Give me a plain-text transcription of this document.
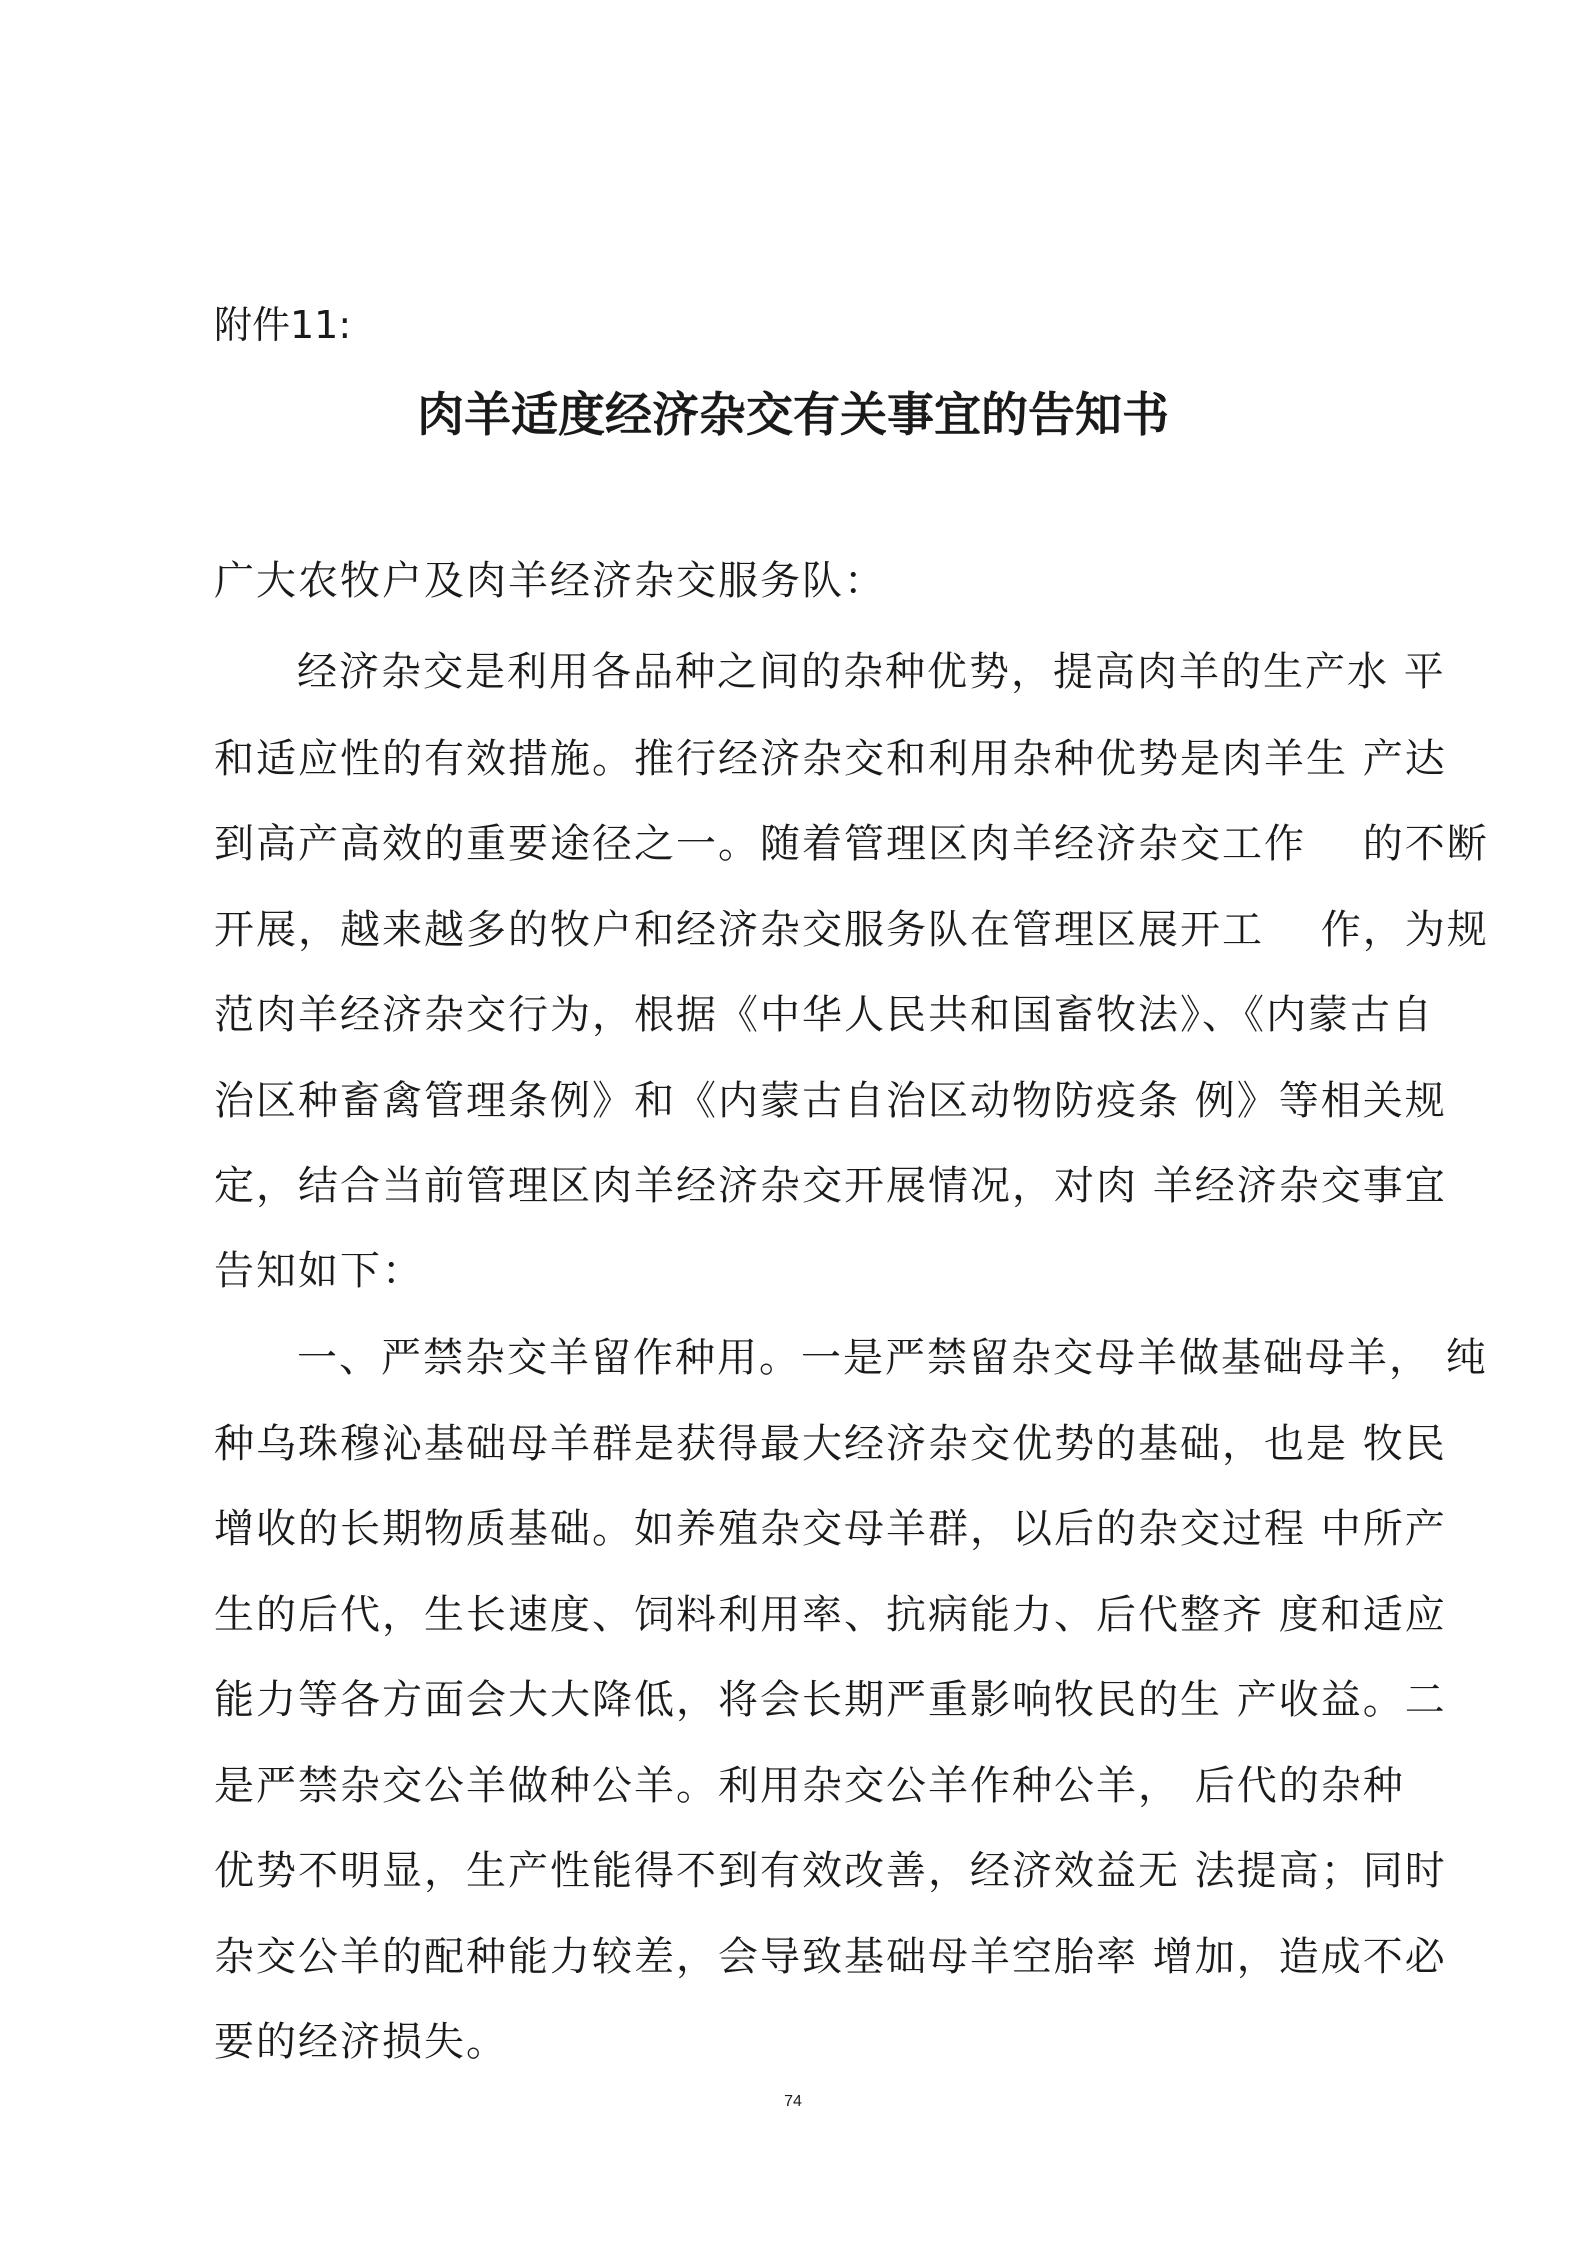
附件11:
肉羊适度经济杂交有关事宜的告知书
广大农牧户及肉羊经济杂交服务队：
经济杂交是利用各品种之间的杂种优势，提高肉羊的生产水 平
和适应性的有效措施。推行经济杂交和利用杂种优势是肉羊生 产达
到高产高效的重要途径之一。随着管理区肉羊经济杂交工作　 的不断
开展，越来越多的牧户和经济杂交服务队在管理区展开工　 作，为规
范肉羊经济杂交行为，根据《中华人民共和国畜牧法》、《内蒙古自
治区种畜禽管理条例》和《内蒙古自治区动物防疫条 例》等相关规
定，结合当前管理区肉羊经济杂交开展情况，对肉 羊经济杂交事宜
告知如下：
一、严禁杂交羊留作种用。一是严禁留杂交母羊做基础母羊， 纯
种乌珠穆沁基础母羊群是获得最大经济杂交优势的基础，也是 牧民
增收的长期物质基础。如养殖杂交母羊群，以后的杂交过程 中所产
生的后代，生长速度、饲料利用率、抗病能力、后代整齐 度和适应
能力等各方面会大大降低，将会长期严重影响牧民的生 产收益。二
是严禁杂交公羊做种公羊。利用杂交公羊作种公羊， 后代的杂种
优势不明显，生产性能得不到有效改善，经济效益无 法提高；同时
杂交公羊的配种能力较差，会导致基础母羊空胎率 增加，造成不必
要的经济损失。
74
